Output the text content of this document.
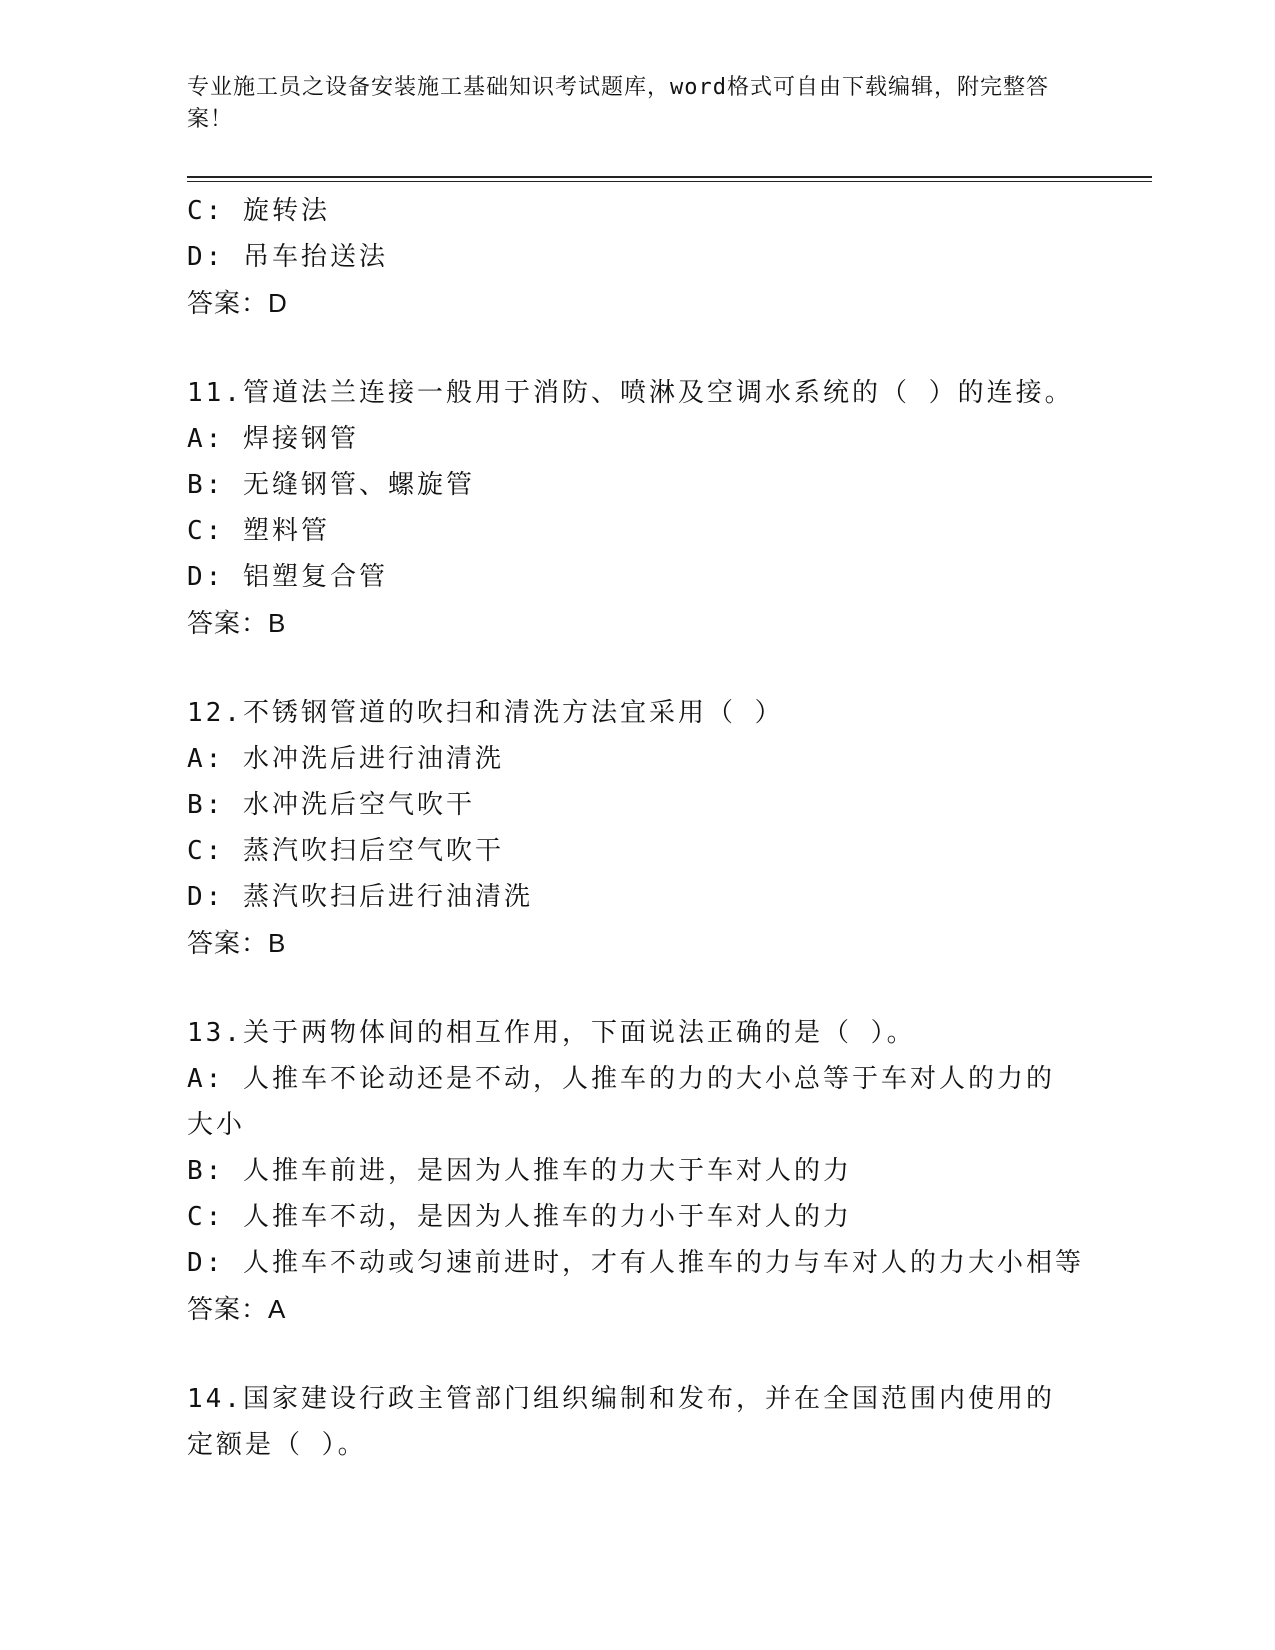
专业施工员之设备安装施工基础知识考试题库，word格式可自由下载编辑，附完整答案！
C: 旋转法
D: 吊车抬送法
答案：D
11.管道法兰连接一般用于消防、喷淋及空调水系统的（ ）的连接。
A: 焊接钢管
B: 无缝钢管、螺旋管
C: 塑料管
D: 铝塑复合管
答案：B
12.不锈钢管道的吹扫和清洗方法宜采用（ ）
A: 水冲洗后进行油清洗
B: 水冲洗后空气吹干
C: 蒸汽吹扫后空气吹干
D: 蒸汽吹扫后进行油清洗
答案：B
13.关于两物体间的相互作用，下面说法正确的是（ ）。
A: 人推车不论动还是不动，人推车的力的大小总等于车对人的力的大小
B: 人推车前进，是因为人推车的力大于车对人的力
C: 人推车不动，是因为人推车的力小于车对人的力
D: 人推车不动或匀速前进时，才有人推车的力与车对人的力大小相等
答案：A
14.国家建设行政主管部门组织编制和发布，并在全国范围内使用的定额是（ ）。
